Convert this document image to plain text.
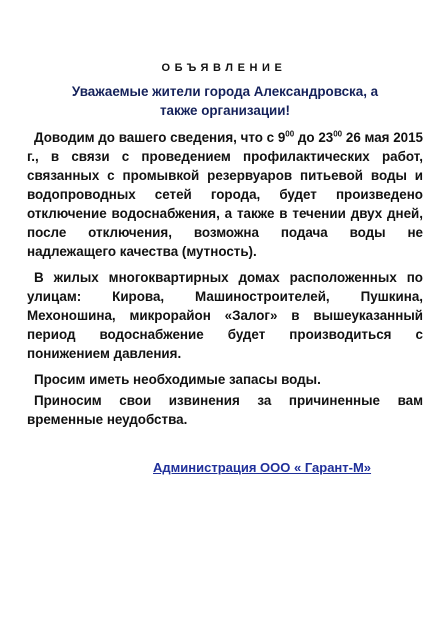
ОБЪЯВЛЕНИЕ
Уважаемые жители города Александровска, а также организации!
Доводим до вашего сведения, что с $9^{00}$ до $23^{00}$ 26 мая 2015 г., в связи с проведением профилактических работ, связанных с промывкой резервуаров питьевой воды и водопроводных сетей города, будет произведено отключение водоснабжения, а также в течении двух дней, после отключения, возможна подача воды не надлежащего качества (мутность).
В жилых многоквартирных домах расположенных по улицам: Кирова, Машиностроителей, Пушкина, Мехоношина, микрорайон «Залог» в вышеуказанный период водоснабжение будет производиться с понижением давления.
Просим иметь необходимые запасы воды.
Приносим свои извинения за причиненные вам временные неудобства.
Администрация ООО « Гарант-М»
